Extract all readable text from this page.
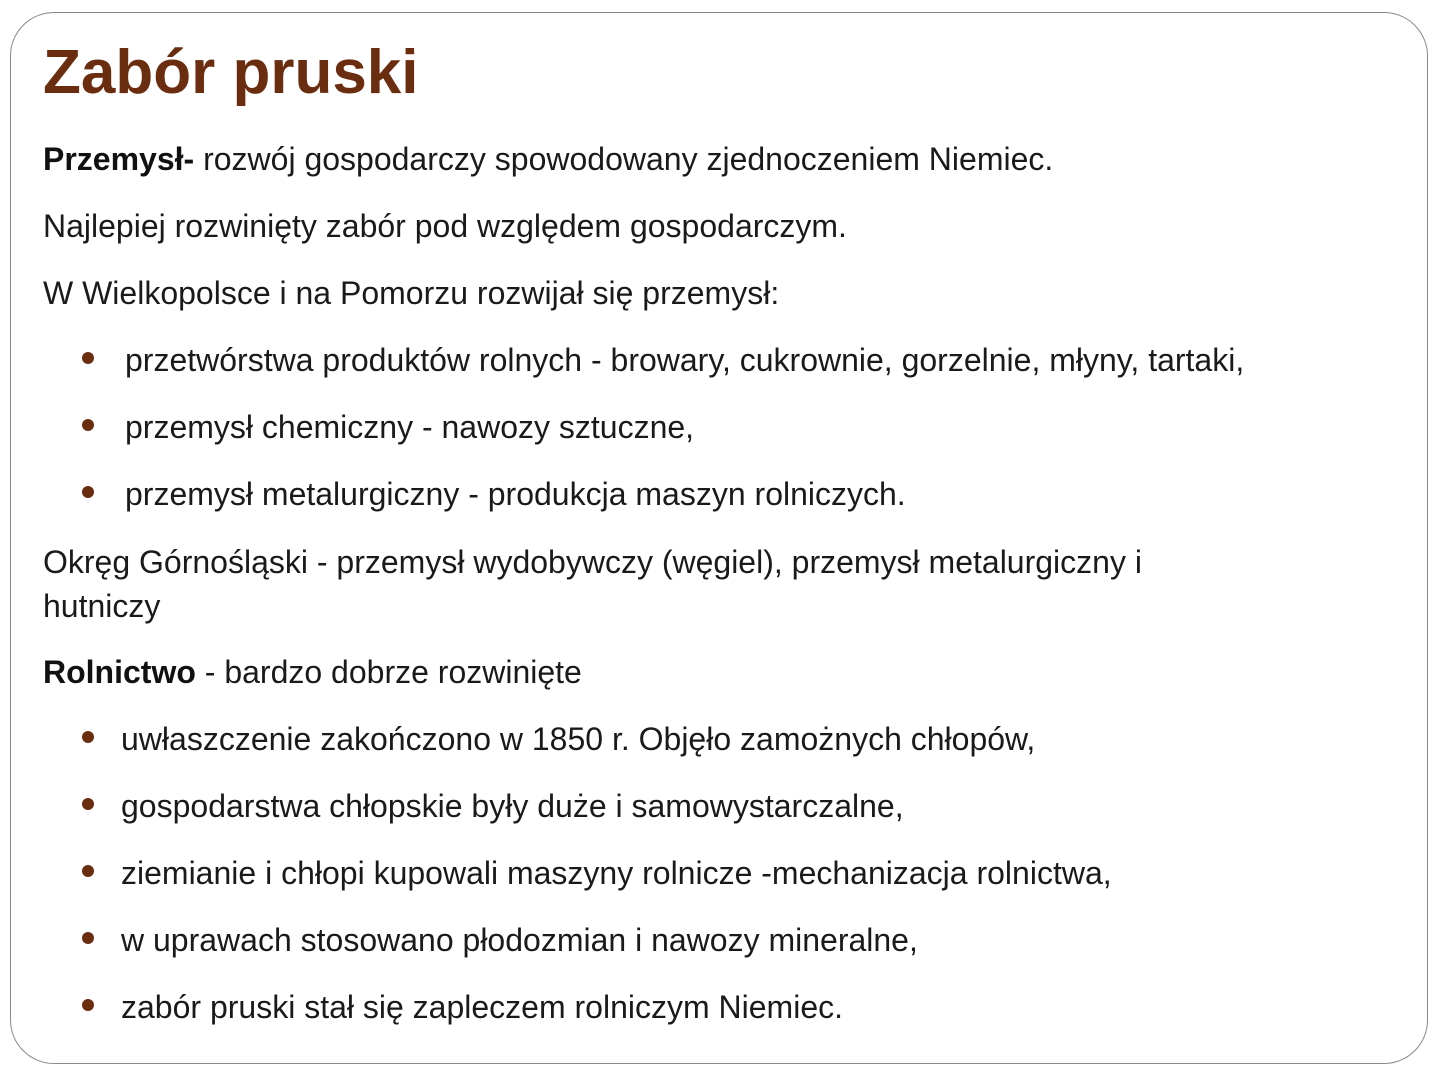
Zabór pruski

Przemysł- rozwój gospodarczy spowodowany zjednoczeniem Niemiec.

Najlepiej rozwinięty zabór pod względem gospodarczym.

W Wielkopolsce i na Pomorzu rozwijał się przemysł:

przetwórstwa produktów rolnych - browary, cukrownie, gorzelnie, młyny, tartaki,

przemysł chemiczny - nawozy sztuczne,

przemysł metalurgiczny - produkcja maszyn rolniczych.

Okręg Górnośląski - przemysł wydobywczy (węgiel), przemysł metalurgiczny i

hutniczy

Rolnictwo - bardzo dobrze rozwinięte

uwłaszczenie zakończono w 1850 r. Objęło zamożnych chłopów,

gospodarstwa chłopskie były duże i samowystarczalne,

ziemianie i chłopi kupowali maszyny rolnicze -mechanizacja rolnictwa,

w uprawach stosowano płodozmian i nawozy mineralne,

zabór pruski stał się zapleczem rolniczym Niemiec.
